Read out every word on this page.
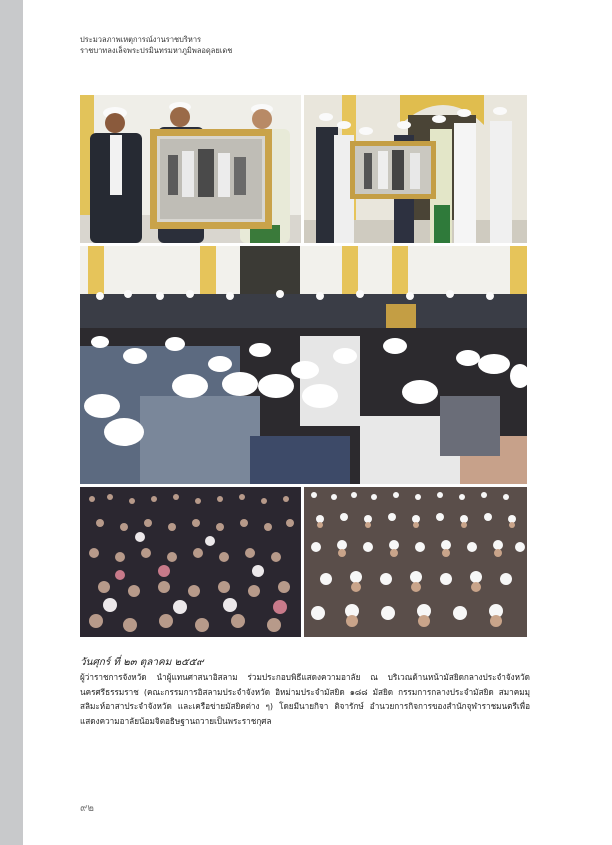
ประมวลภาพเหตุการณ์งานราชบริหาร
ราชบาทลงเล็จพระปรมินทรมหาภูมิพลอดุลยเดช
วันศุกร์ ที่ ๒๓ ตุลาคม ๒๕๕๙
ผู้ว่าราชการจังหวัด นำผู้แทนศาสนาอิสลาม ร่วมประกอบพิธีแสดงความอาลัย ณ บริเวณด้านหน้ามัสยิดกลางประจำจังหวัดนครศรีธรรมราช (คณะกรรมการอิสลามประจำจังหวัด อิหม่ามประจำมัสยิด ๑๘๘ มัสยิด กรรมการกลางประจำมัสยิด สมาคมมุสลิมะห์อาสาประจำจังหวัด และเครือข่ายมัสยิดต่าง ๆ) โดยมีนายกิจา ติจารักษ์ อำนวยการกิจการของสำนักจุฬาราชมนตรีเพื่อแสดงความอาลัยน้อมจิตอธิษฐานถวายเป็นพระราชกุศล
๙๒
